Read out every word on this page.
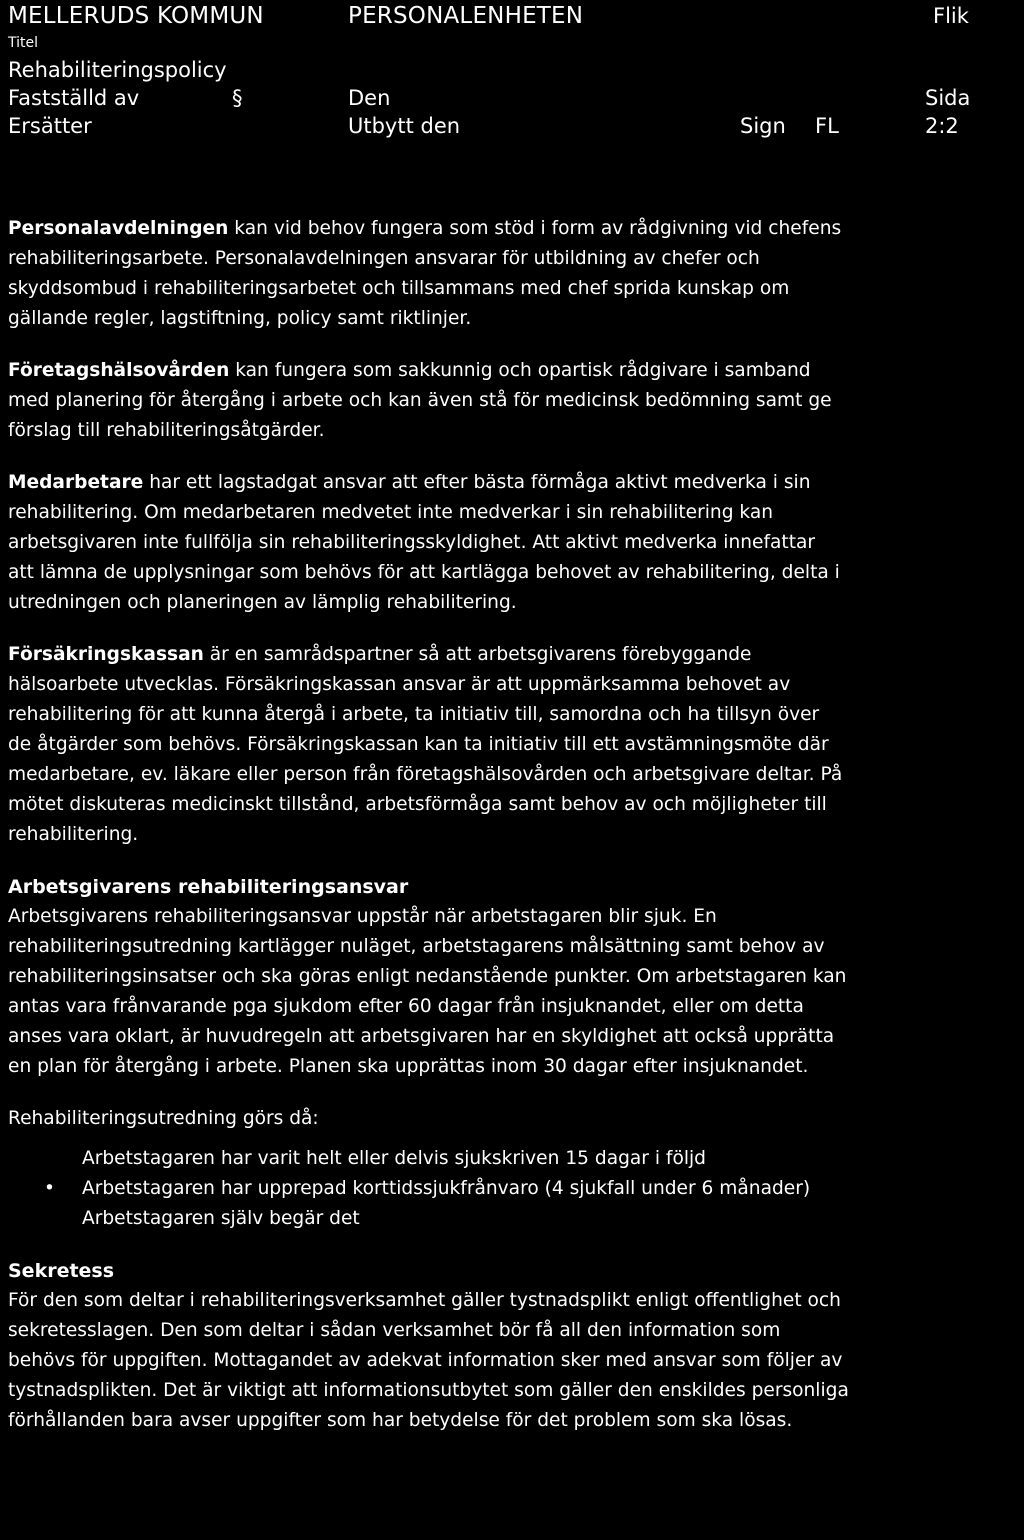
MELLERUDS KOMMUN	PERSONALENHETEN	Flik
Titel
Rehabiliteringspolicy
Fastställd av	§	Den	Sida
Ersätter	Utbytt den	Sign FL	2:2

Personalavdelningen kan vid behov fungera som stöd i form av rådgivning vid chefens
rehabiliteringsarbete. Personalavdelningen ansvarar för utbildning av chefer och
skyddsombud i rehabiliteringsarbetet och tillsammans med chef sprida kunskap om
gällande regler, lagstiftning, policy samt riktlinjer.

Företagshälsovården kan fungera som sakkunnig och opartisk rådgivare i samband
med planering för återgång i arbete och kan även stå för medicinsk bedömning samt ge
förslag till rehabiliteringsåtgärder.

Medarbetare har ett lagstadgat ansvar att efter bästa förmåga aktivt medverka i sin
rehabilitering. Om medarbetaren medvetet inte medverkar i sin rehabilitering kan
arbetsgivaren inte fullfölja sin rehabiliteringsskyldighet. Att aktivt medverka innefattar
att lämna de upplysningar som behövs för att kartlägga behovet av rehabilitering, delta i
utredningen och planeringen av lämplig rehabilitering.

Försäkringskassan är en samrådspartner så att arbetsgivarens förebyggande
hälsoarbete utvecklas. Försäkringskassan ansvar är att uppmärksamma behovet av
rehabilitering för att kunna återgå i arbete, ta initiativ till, samordna och ha tillsyn över
de åtgärder som behövs. Försäkringskassan kan ta initiativ till ett avstämningsmöte där
medarbetare, ev. läkare eller person från företagshälsovården och arbetsgivare deltar. På
mötet diskuteras medicinskt tillstånd, arbetsförmåga samt behov av och möjligheter till
rehabilitering.

Arbetsgivarens rehabiliteringsansvar

Arbetsgivarens rehabiliteringsansvar uppstår när arbetstagaren blir sjuk. En
rehabiliteringsutredning kartlägger nuläget, arbetstagarens målsättning samt behov av
rehabiliteringsinsatser och ska göras enligt nedanstående punkter. Om arbetstagaren kan
antas vara frånvarande pga sjukdom efter 60 dagar från insjuknandet, eller om detta
anses vara oklart, är huvudregeln att arbetsgivaren har en skyldighet att också upprätta
en plan för återgång i arbete. Planen ska upprättas inom 30 dagar efter insjuknandet.

Rehabiliteringsutredning görs då:

Arbetstagaren har varit helt eller delvis sjukskriven 15 dagar i följd
• Arbetstagaren har upprepad korttidssjukfrånvaro (4 sjukfall under 6 månader)
Arbetstagaren själv begär det
Sekretess

För den som deltar i rehabiliteringsverksamhet gäller tystnadsplikt enligt offentlighet och
sekretesslagen. Den som deltar i sådan verksamhet bör få all den information som
behövs för uppgiften. Mottagandet av adekvat information sker med ansvar som följer av
tystnadsplikten. Det är viktigt att informationsutbytet som gäller den enskildes personliga
förhållanden bara avser uppgifter som har betydelse för det problem som ska lösas.
